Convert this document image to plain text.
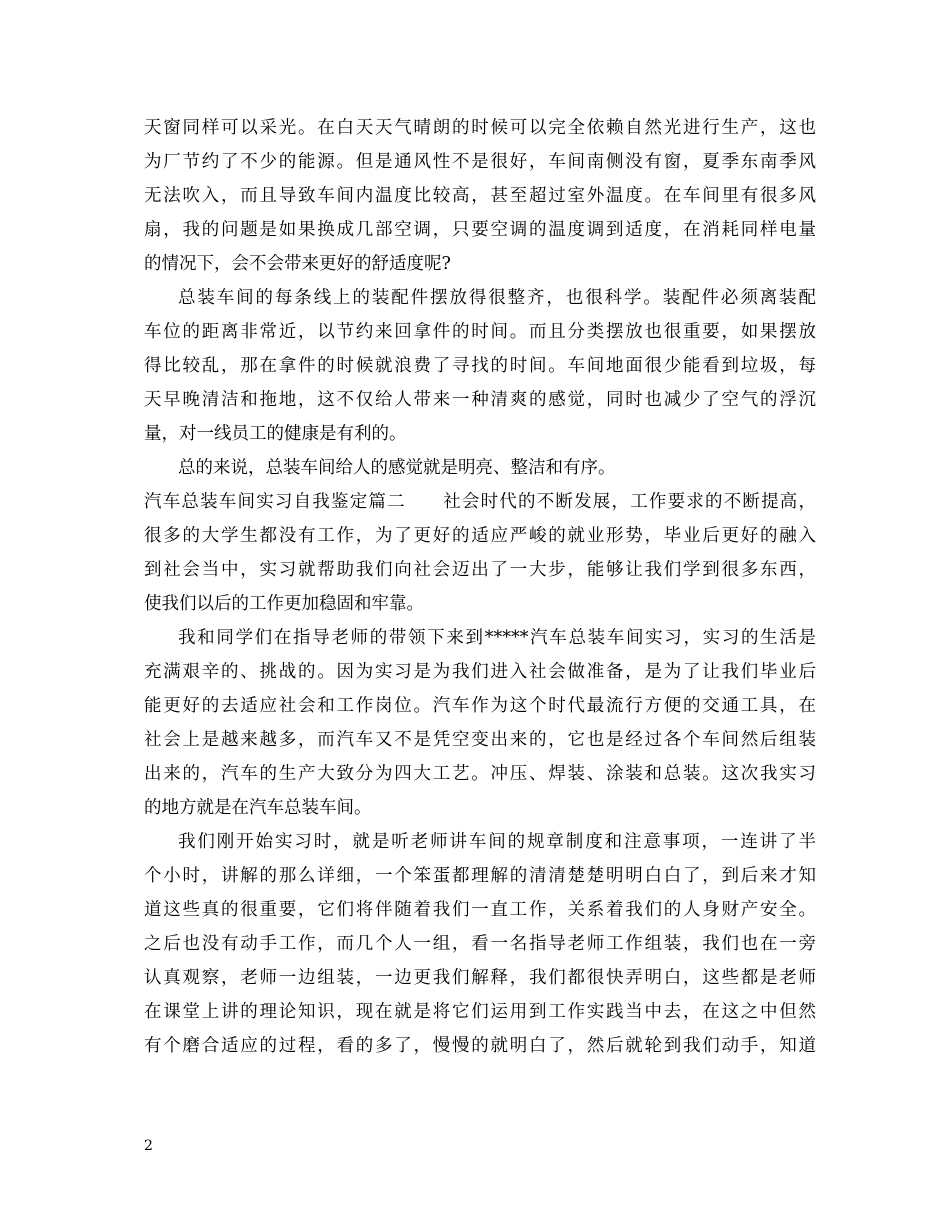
天窗同样可以采光。在白天天气晴朗的时候可以完全依赖自然光进行生产，这也
为厂节约了不少的能源。但是通风性不是很好，车间南侧没有窗，夏季东南季风
无法吹入，而且导致车间内温度比较高，甚至超过室外温度。在车间里有很多风
扇，我的问题是如果换成几部空调，只要空调的温度调到适度，在消耗同样电量
的情况下，会不会带来更好的舒适度呢?
总装车间的每条线上的装配件摆放得很整齐，也很科学。装配件必须离装配
车位的距离非常近，以节约来回拿件的时间。而且分类摆放也很重要，如果摆放
得比较乱，那在拿件的时候就浪费了寻找的时间。车间地面很少能看到垃圾，每
天早晚清洁和拖地，这不仅给人带来一种清爽的感觉，同时也减少了空气的浮沉
量，对一线员工的健康是有利的。
总的来说，总装车间给人的感觉就是明亮、整洁和有序。
汽车总装车间实习自我鉴定篇二　　社会时代的不断发展，工作要求的不断提高，
很多的大学生都没有工作，为了更好的适应严峻的就业形势，毕业后更好的融入
到社会当中，实习就帮助我们向社会迈出了一大步，能够让我们学到很多东西，
使我们以后的工作更加稳固和牢靠。
我和同学们在指导老师的带领下来到*****汽车总装车间实习，实习的生活是
充满艰辛的、挑战的。因为实习是为我们进入社会做准备，是为了让我们毕业后
能更好的去适应社会和工作岗位。汽车作为这个时代最流行方便的交通工具，在
社会上是越来越多，而汽车又不是凭空变出来的，它也是经过各个车间然后组装
出来的，汽车的生产大致分为四大工艺。冲压、焊装、涂装和总装。这次我实习
的地方就是在汽车总装车间。
我们刚开始实习时，就是听老师讲车间的规章制度和注意事项，一连讲了半
个小时，讲解的那么详细，一个笨蛋都理解的清清楚楚明明白白了，到后来才知
道这些真的很重要，它们将伴随着我们一直工作，关系着我们的人身财产安全。
之后也没有动手工作，而几个人一组，看一名指导老师工作组装，我们也在一旁
认真观察，老师一边组装，一边更我们解释，我们都很快弄明白，这些都是老师
在课堂上讲的理论知识，现在就是将它们运用到工作实践当中去，在这之中但然
有个磨合适应的过程，看的多了，慢慢的就明白了，然后就轮到我们动手，知道
2
